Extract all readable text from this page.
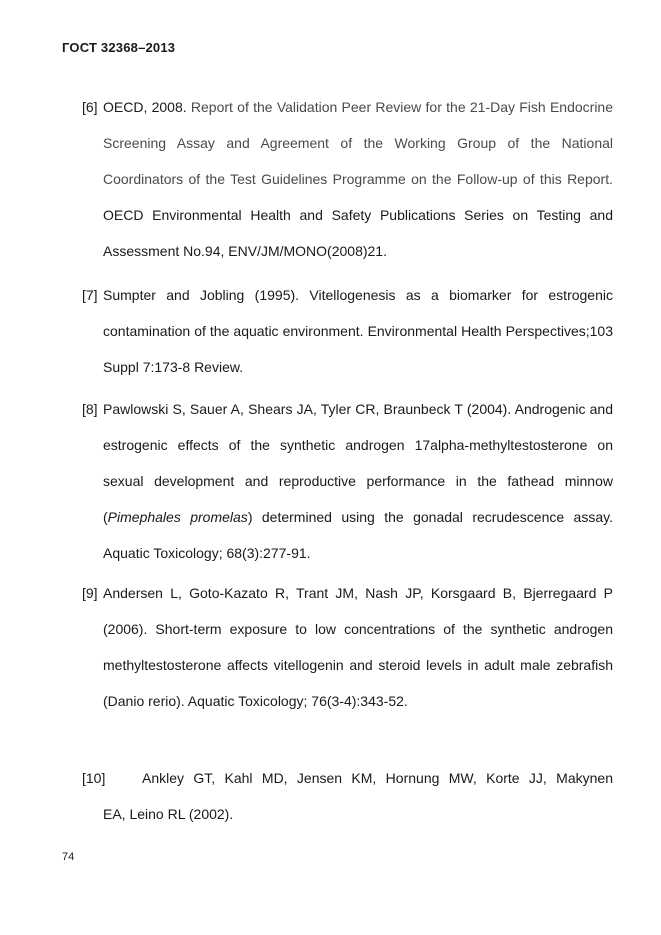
ГОСТ 32368–2013
[6] OECD, 2008. Report of the Validation Peer Review for the 21-Day Fish Endocrine Screening Assay and Agreement of the Working Group of the National Coordinators of the Test Guidelines Programme on the Follow-up of this Report. OECD Environmental Health and Safety Publications Series on Testing and Assessment No.94, ENV/JM/MONO(2008)21.
[7] Sumpter and Jobling (1995). Vitellogenesis as a biomarker for estrogenic contamination of the aquatic environment. Environmental Health Perspectives;103 Suppl 7:173-8 Review.
[8] Pawlowski S, Sauer A, Shears JA, Tyler CR, Braunbeck T (2004). Androgenic and estrogenic effects of the synthetic androgen 17alpha-methyltestosterone on sexual development and reproductive performance in the fathead minnow (Pimephales promelas) determined using the gonadal recrudescence assay. Aquatic Toxicology; 68(3):277-91.
[9] Andersen L, Goto-Kazato R, Trant JM, Nash JP, Korsgaard B, Bjerregaard P (2006). Short-term exposure to low concentrations of the synthetic androgen methyltestosterone affects vitellogenin and steroid levels in adult male zebrafish (Danio rerio). Aquatic Toxicology; 76(3-4):343-52.
[10]	Ankley GT, Kahl MD, Jensen KM, Hornung MW, Korte JJ, Makynen
EA, Leino RL (2002).
74
